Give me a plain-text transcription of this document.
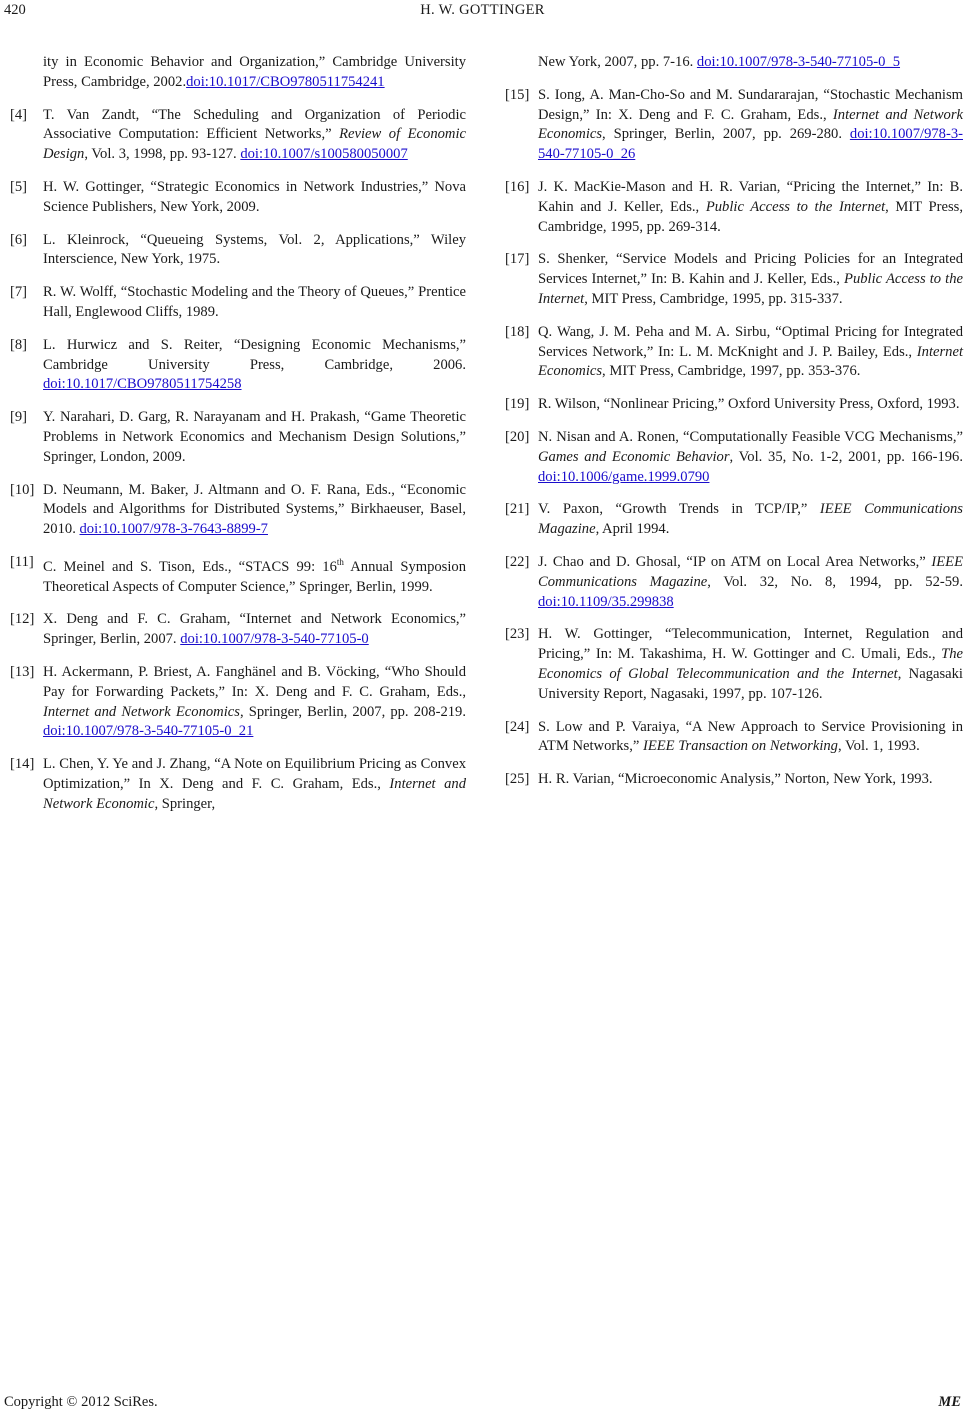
420	H. W. GOTTINGER
ity in Economic Behavior and Organization,” Cambridge University Press, Cambridge, 2002.doi:10.1017/CBO9780511754241
[4] T. Van Zandt, “The Scheduling and Organization of Periodic Associative Computation: Efficient Networks,” Review of Economic Design, Vol. 3, 1998, pp. 93-127. doi:10.1007/s100580050007
[5] H. W. Gottinger, “Strategic Economics in Network Industries,” Nova Science Publishers, New York, 2009.
[6] L. Kleinrock, “Queueing Systems, Vol. 2, Applications,” Wiley Interscience, New York, 1975.
[7] R. W. Wolff, “Stochastic Modeling and the Theory of Queues,” Prentice Hall, Englewood Cliffs, 1989.
[8] L. Hurwicz and S. Reiter, “Designing Economic Mechanisms,” Cambridge University Press, Cambridge, 2006. doi:10.1017/CBO9780511754258
[9] Y. Narahari, D. Garg, R. Narayanam and H. Prakash, “Game Theoretic Problems in Network Economics and Mechanism Design Solutions,” Springer, London, 2009.
[10] D. Neumann, M. Baker, J. Altmann and O. F. Rana, Eds., “Economic Models and Algorithms for Distributed Systems,” Birkhaeuser, Basel, 2010. doi:10.1007/978-3-7643-8899-7
[11] C. Meinel and S. Tison, Eds., “STACS 99: 16th Annual Symposion Theoretical Aspects of Computer Science,” Springer, Berlin, 1999.
[12] X. Deng and F. C. Graham, “Internet and Network Economics,” Springer, Berlin, 2007. doi:10.1007/978-3-540-77105-0
[13] H. Ackermann, P. Briest, A. Fanghänel and B. Vöcking, “Who Should Pay for Forwarding Packets,” In: X. Deng and F. C. Graham, Eds., Internet and Network Economics, Springer, Berlin, 2007, pp. 208-219. doi:10.1007/978-3-540-77105-0_21
[14] L. Chen, Y. Ye and J. Zhang, “A Note on Equilibrium Pricing as Convex Optimization,” In X. Deng and F. C. Graham, Eds., Internet and Network Economic, Springer,
New York, 2007, pp. 7-16. doi:10.1007/978-3-540-77105-0_5
[15] S. Iong, A. Man-Cho-So and M. Sundararajan, “Stochastic Mechanism Design,” In: X. Deng and F. C. Graham, Eds., Internet and Network Economics, Springer, Berlin, 2007, pp. 269-280. doi:10.1007/978-3-540-77105-0_26
[16] J. K. MacKie-Mason and H. R. Varian, “Pricing the Internet,” In: B. Kahin and J. Keller, Eds., Public Access to the Internet, MIT Press, Cambridge, 1995, pp. 269-314.
[17] S. Shenker, “Service Models and Pricing Policies for an Integrated Services Internet,” In: B. Kahin and J. Keller, Eds., Public Access to the Internet, MIT Press, Cambridge, 1995, pp. 315-337.
[18] Q. Wang, J. M. Peha and M. A. Sirbu, “Optimal Pricing for Integrated Services Network,” In: L. M. McKnight and J. P. Bailey, Eds., Internet Economics, MIT Press, Cambridge, 1997, pp. 353-376.
[19] R. Wilson, “Nonlinear Pricing,” Oxford University Press, Oxford, 1993.
[20] N. Nisan and A. Ronen, “Computationally Feasible VCG Mechanisms,” Games and Economic Behavior, Vol. 35, No. 1-2, 2001, pp. 166-196. doi:10.1006/game.1999.0790
[21] V. Paxon, “Growth Trends in TCP/IP,” IEEE Communications Magazine, April 1994.
[22] J. Chao and D. Ghosal, “IP on ATM on Local Area Networks,” IEEE Communications Magazine, Vol. 32, No. 8, 1994, pp. 52-59. doi:10.1109/35.299838
[23] H. W. Gottinger, “Telecommunication, Internet, Regulation and Pricing,” In: M. Takashima, H. W. Gottinger and C. Umali, Eds., The Economics of Global Telecommunication and the Internet, Nagasaki University Report, Nagasaki, 1997, pp. 107-126.
[24] S. Low and P. Varaiya, “A New Approach to Service Provisioning in ATM Networks,” IEEE Transaction on Networking, Vol. 1, 1993.
[25] H. R. Varian, “Microeconomic Analysis,” Norton, New York, 1993.
Copyright © 2012 SciRes.	ME
